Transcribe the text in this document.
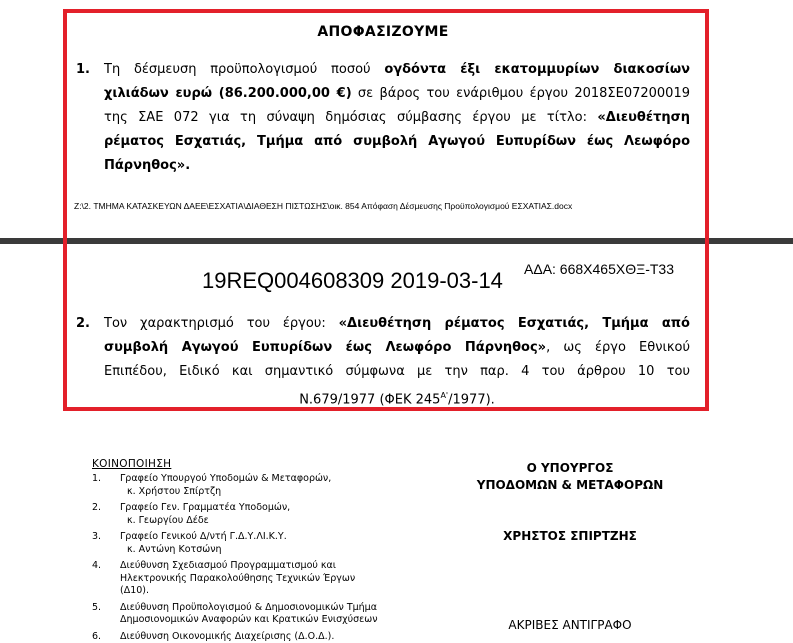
ΑΠΟΦΑΣΙΖΟΥΜΕ
1. Τη δέσμευση προϋπολογισμού ποσού ογδόντα έξι εκατομμυρίων διακοσίων
χιλιάδων ευρώ (86.200.000,00 €) σε βάρος του ενάριθμου έργου 2018ΣΕ07200019
της ΣΑΕ 072 για τη σύναψη δημόσιας σύμβασης έργου με τίτλο: «Διευθέτηση
ρέματος Εσχατιάς, Τμήμα από συμβολή Αγωγού Ευπυρίδων έως Λεωφόρο
Πάρνηθος».
Z:\2. ΤΜΗΜΑ ΚΑΤΑΣΚΕΥΩΝ ΔΑΕΕ\ΕΣΧΑΤΙΑ\ΔΙΑΘΕΣΗ ΠΙΣΤΩΣΗΣ\οικ. 854 Απόφαση Δέσμευσης Προϋπολογισμού ΕΣΧΑΤΙΑΣ.docx
19REQ004608309 2019-03-14 ΑΔΑ: 668Χ465ΧΘΞ-Τ33
2. Τον χαρακτηρισμό του έργου: «Διευθέτηση ρέματος Εσχατιάς, Τμήμα από
συμβολή Αγωγού Ευπυρίδων έως Λεωφόρο Πάρνηθος», ως έργο Εθνικού
Επιπέδου, Ειδικό και σημαντικό σύμφωνα με την παρ. 4 του άρθρου 10 του
Ν.679/1977 (ΦΕΚ $245^{A'}/1977$).
ΚΟΙΝΟΠΟΙΗΣΗ
1.	Γραφείο Υπουργού Υποδομών & Μεταφορών,
κ. Χρήστου Σπίρτζη
2.	Γραφείο Γεν. Γραμματέα Υποδομών,
κ. Γεωργίου Δέδε
3.	Γραφείο Γενικού Δ/ντή Γ.Δ.Υ.ΛΙ.Κ.Υ.
κ. Αντώνη Κοτσώνη
4.	Διεύθυνση Σχεδιασμού Προγραμματισμού και
Ηλεκτρονικής Παρακολούθησης Τεχνικών Έργων
(Δ10).
5.	Διεύθυνση Προϋπολογισμού & Δημοσιονομικών Τμήμα
Δημοσιονομικών Αναφορών και Κρατικών Ενισχύσεων
6.	Διεύθυνση Οικονομικής Διαχείρισης (Δ.Ο.Δ.).
Ο ΥΠΟΥΡΓΟΣ
ΥΠΟΔΟΜΩΝ & ΜΕΤΑΦΟΡΩΝ
ΧΡΗΣΤΟΣ ΣΠΙΡΤΖΗΣ
ΑΚΡΙΒΕΣ ΑΝΤΙΓΡΑΦΟ
